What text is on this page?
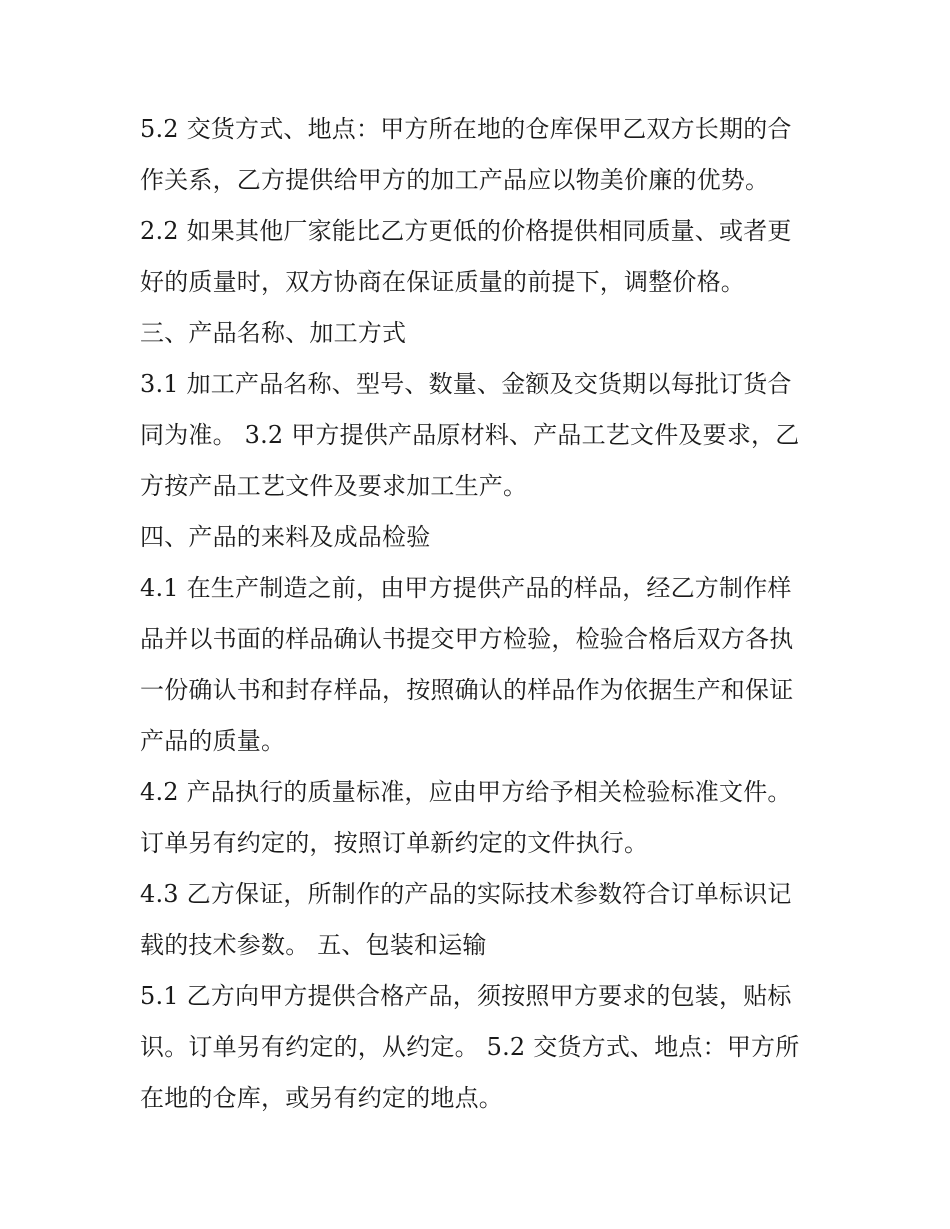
5.2 交货方式、地点：甲方所在地的仓库保甲乙双方长期的合
作关系，乙方提供给甲方的加工产品应以物美价廉的优势。
2.2 如果其他厂家能比乙方更低的价格提供相同质量、或者更
好的质量时，双方协商在保证质量的前提下，调整价格。
三、产品名称、加工方式
3.1 加工产品名称、型号、数量、金额及交货期以每批订货合
同为准。 3.2 甲方提供产品原材料、产品工艺文件及要求，乙
方按产品工艺文件及要求加工生产。
四、产品的来料及成品检验
4.1 在生产制造之前，由甲方提供产品的样品，经乙方制作样
品并以书面的样品确认书提交甲方检验，检验合格后双方各执
一份确认书和封存样品，按照确认的样品作为依据生产和保证
产品的质量。
4.2 产品执行的质量标准，应由甲方给予相关检验标准文件。
订单另有约定的，按照订单新约定的文件执行。
4.3 乙方保证，所制作的产品的实际技术参数符合订单标识记
载的技术参数。 五、包装和运输
5.1 乙方向甲方提供合格产品，须按照甲方要求的包装，贴标
识。订单另有约定的，从约定。 5.2 交货方式、地点：甲方所
在地的仓库，或另有约定的地点。
